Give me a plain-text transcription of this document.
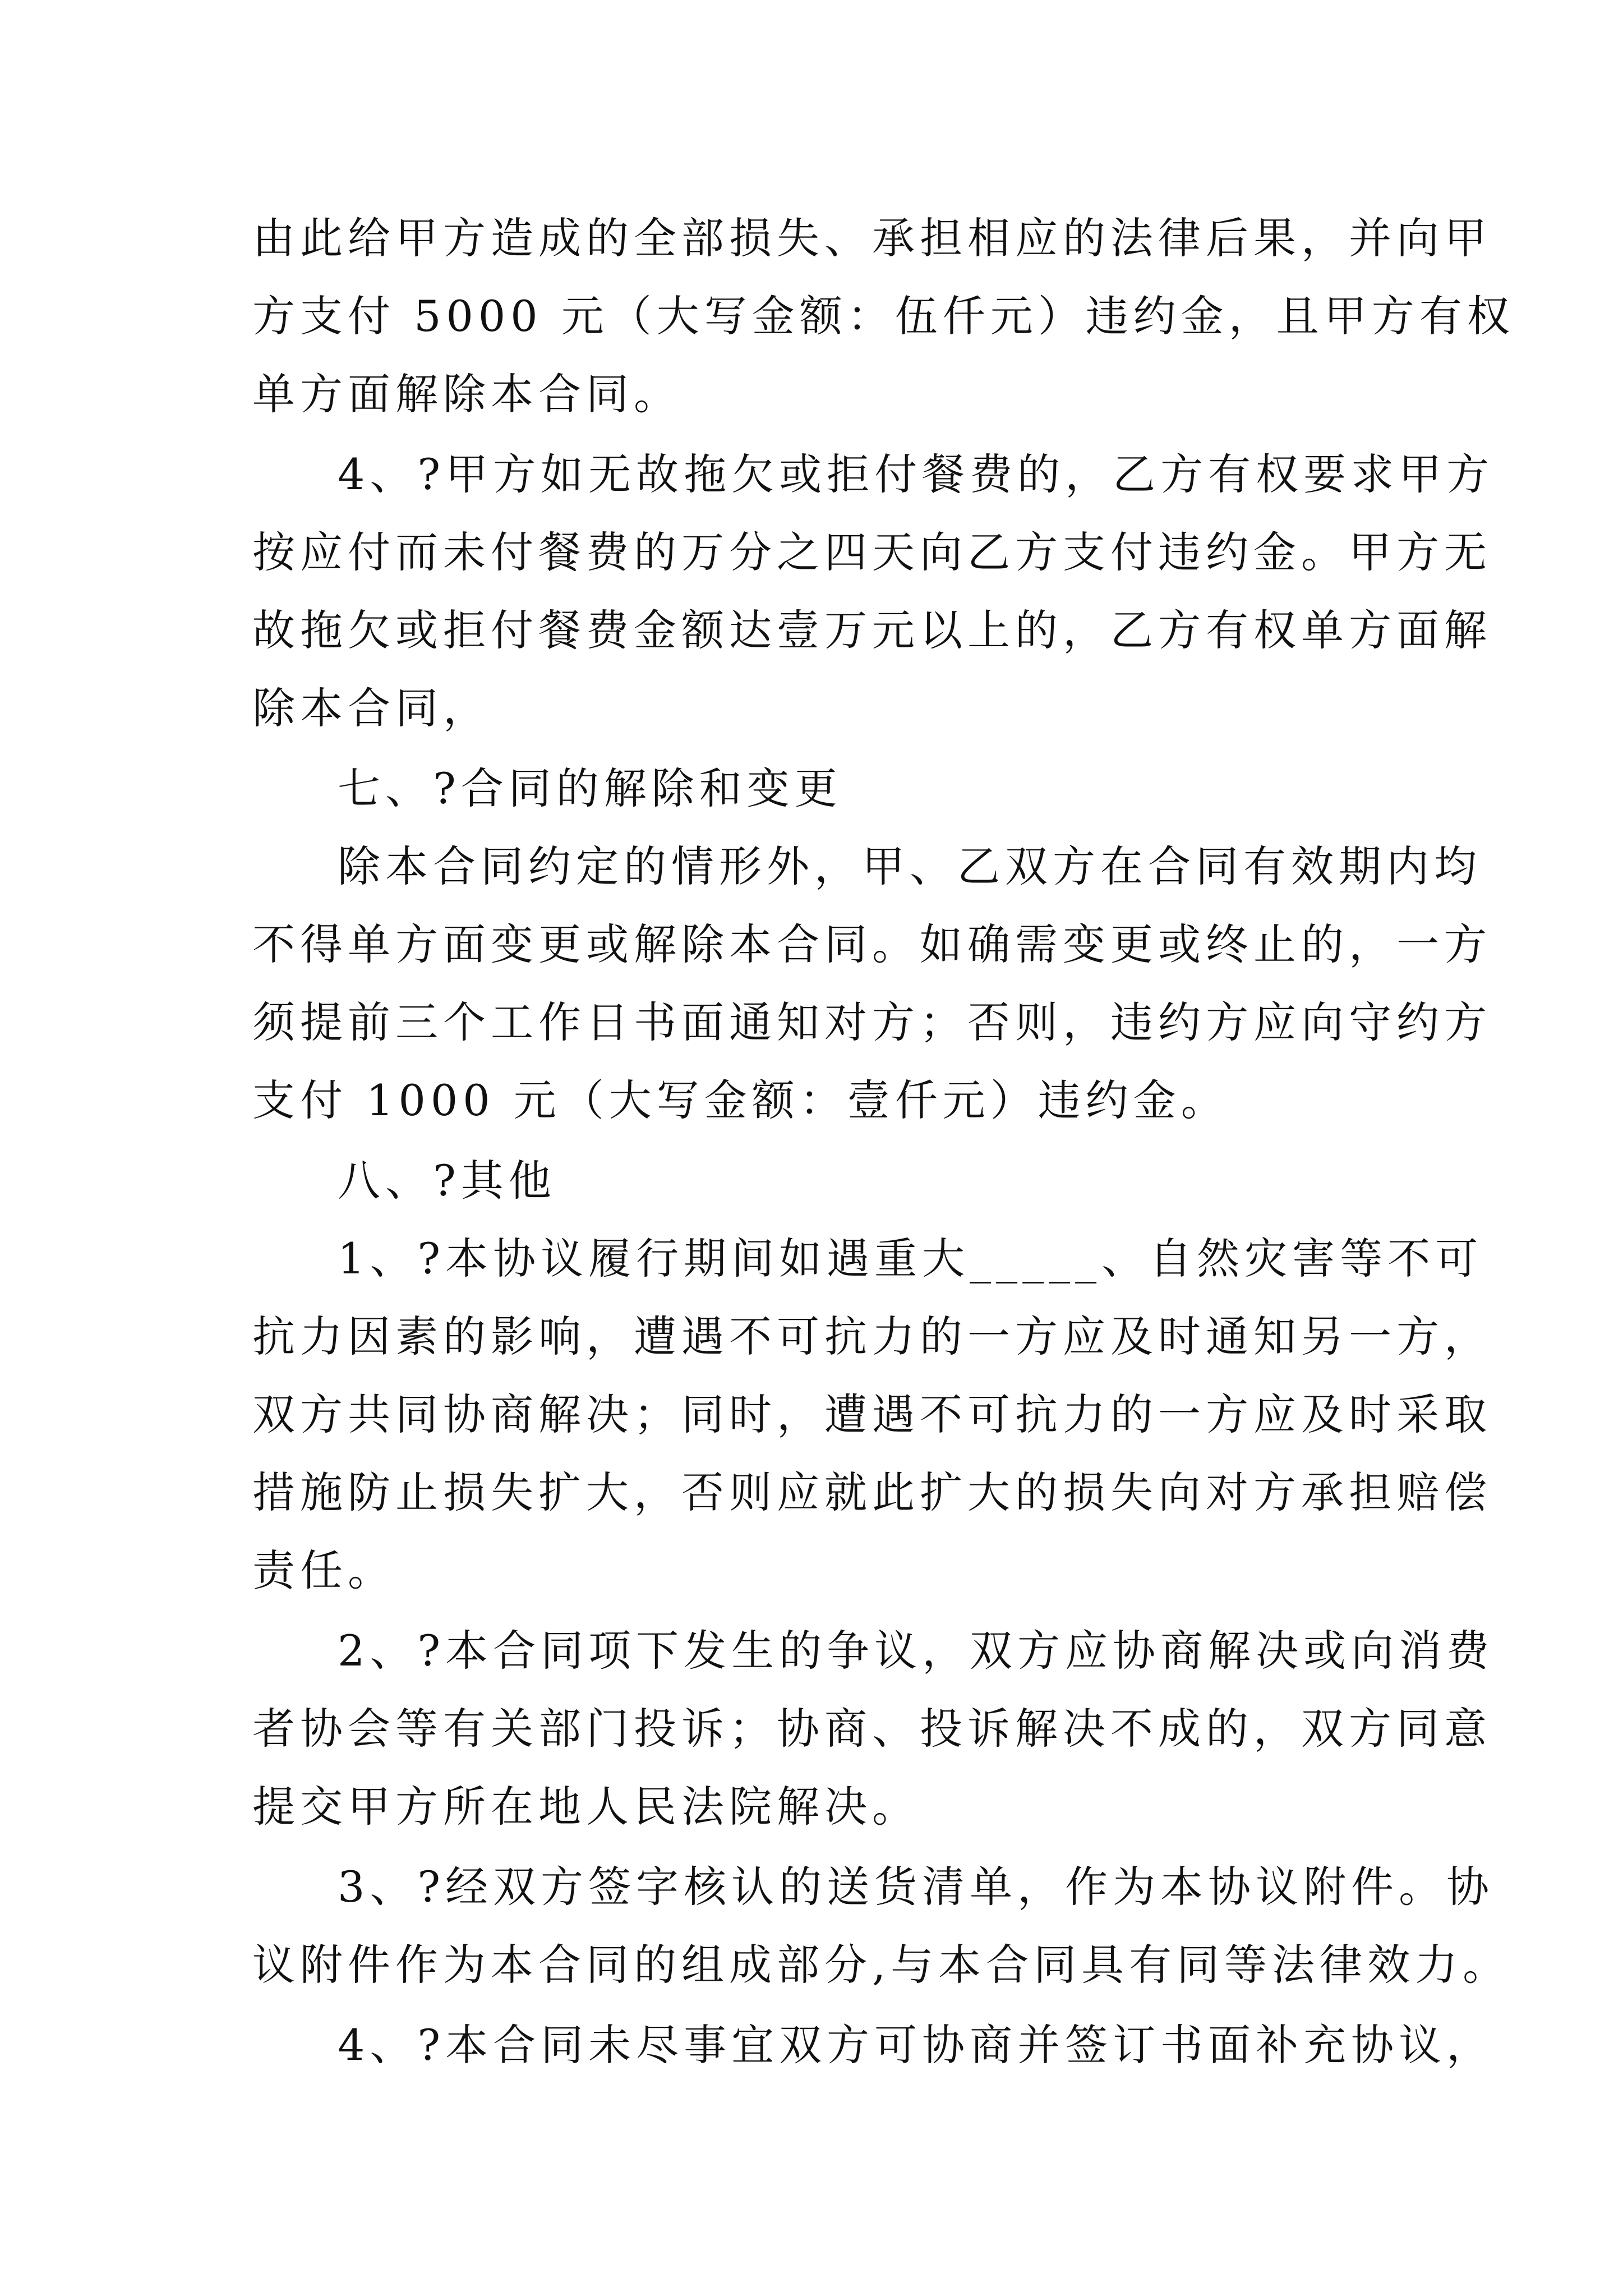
由此给甲方造成的全部损失、承担相应的法律后果，并向甲
方支付 5000 元（大写金额：伍仟元）违约金，且甲方有权
单方面解除本合同。
4、?甲方如无故拖欠或拒付餐费的，乙方有权要求甲方
按应付而未付餐费的万分之四天向乙方支付违约金。甲方无
故拖欠或拒付餐费金额达壹万元以上的，乙方有权单方面解
除本合同，
七、?合同的解除和变更
除本合同约定的情形外，甲、乙双方在合同有效期内均
不得单方面变更或解除本合同。如确需变更或终止的，一方
须提前三个工作日书面通知对方；否则，违约方应向守约方
支付 1000 元（大写金额：壹仟元）违约金。
八、?其他
1、?本协议履行期间如遇重大_____、自然灾害等不可
抗力因素的影响，遭遇不可抗力的一方应及时通知另一方，
双方共同协商解决；同时，遭遇不可抗力的一方应及时采取
措施防止损失扩大，否则应就此扩大的损失向对方承担赔偿
责任。
2、?本合同项下发生的争议，双方应协商解决或向消费
者协会等有关部门投诉；协商、投诉解决不成的，双方同意
提交甲方所在地人民法院解决。
3、?经双方签字核认的送货清单，作为本协议附件。协
议附件作为本合同的组成部分,与本合同具有同等法律效力。
4、?本合同未尽事宜双方可协商并签订书面补充协议，
